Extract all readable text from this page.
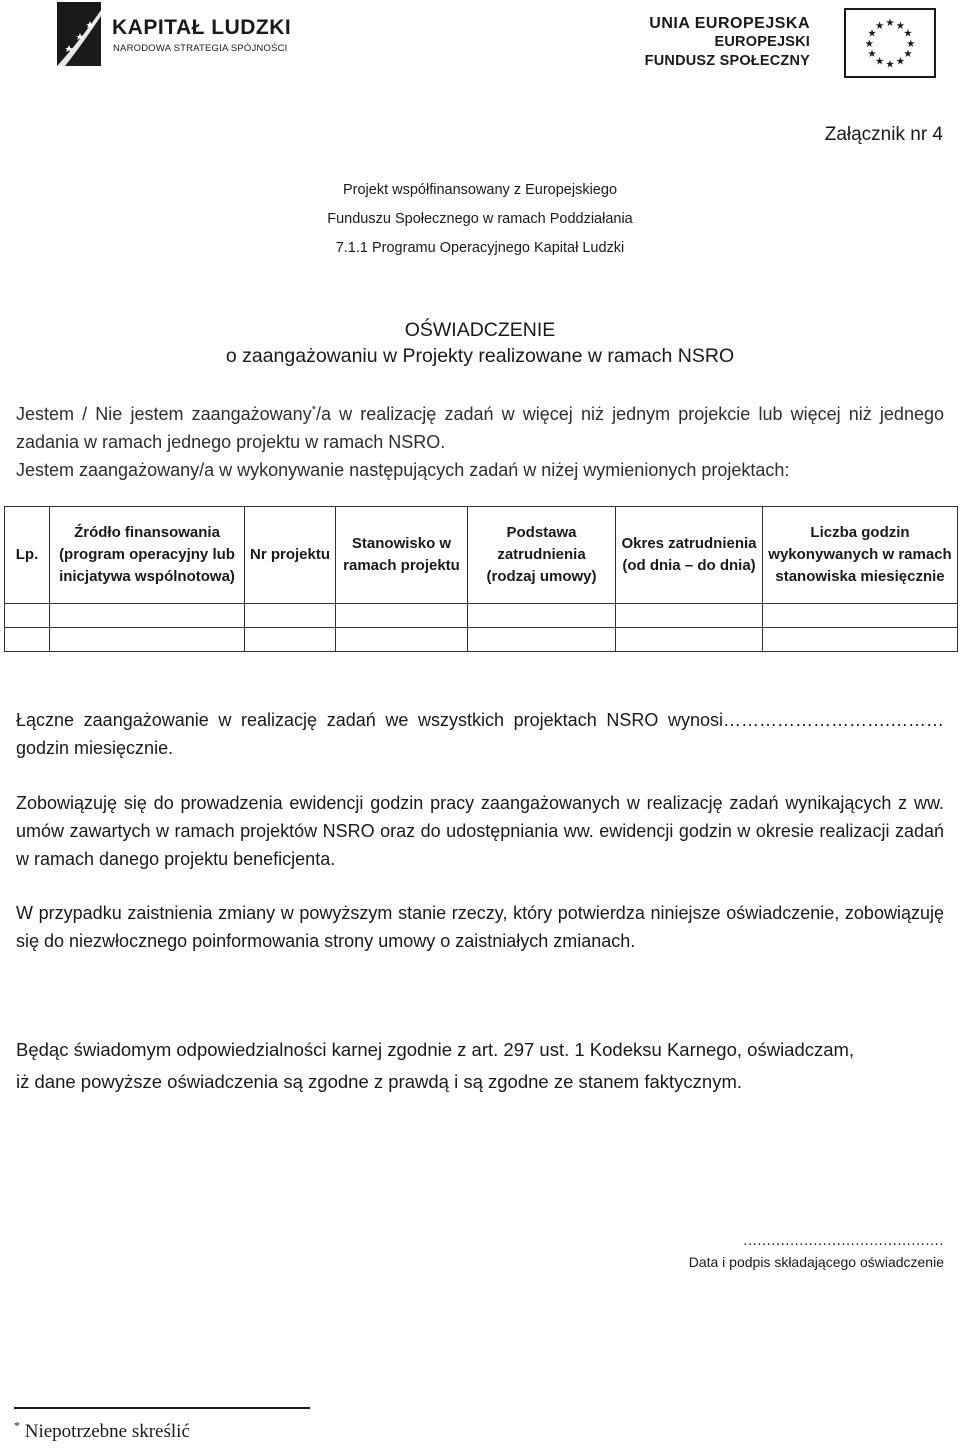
KAPITAŁ LUDZKI
NARODOWA STRATEGIA SPÓJNOŚCI
UNIA EUROPEJSKA
EUROPEJSKI
FUNDUSZ SPOŁECZNY
★ ★
★
★
★
★
★
★
★
★
★
★
Załącznik nr 4
Projekt współfinansowany z Europejskiego
Funduszu Społecznego w ramach Poddziałania
7.1.1 Programu Operacyjnego Kapitał Ludzki
OŚWIADCZENIE
o zaangażowaniu w Projekty realizowane w ramach NSRO
Jestem / Nie jestem zaangażowany*/a w realizację zadań w więcej niż jednym projekcie lub więcej niż jednego zadania w ramach jednego projektu w ramach NSRO.
Jestem zaangażowany/a w wykonywanie następujących zadań w niżej wymienionych projektach:
Lp.	Źródło finansowania (program operacyjny lub inicjatywa wspólnotowa)	Nr projektu	Stanowisko w ramach projektu	Podstawa zatrudnienia (rodzaj umowy)	Okres zatrudnienia (od dnia – do dnia)	Liczba godzin wykonywanych w ramach stanowiska miesięcznie

Łączne zaangażowanie w realizację zadań we wszystkich projektach NSRO wynosi……………………….……… godzin miesięcznie.
Zobowiązuję się do prowadzenia ewidencji godzin pracy zaangażowanych w realizację zadań wynikających z ww. umów zawartych w ramach projektów NSRO oraz do udostępniania ww. ewidencji godzin w okresie realizacji zadań w ramach danego projektu beneficjenta.
W przypadku zaistnienia zmiany w powyższym stanie rzeczy, który potwierdza niniejsze oświadczenie, zobowiązuję się do niezwłocznego poinformowania strony umowy o zaistniałych zmianach.
Będąc świadomym odpowiedzialności karnej zgodnie z art. 297 ust. 1 Kodeksu Karnego, oświadczam,
iż dane powyższe oświadczenia są zgodne z prawdą i są zgodne ze stanem faktycznym.
...........................................
Data i podpis składającego oświadczenie
* Niepotrzebne skreślić
